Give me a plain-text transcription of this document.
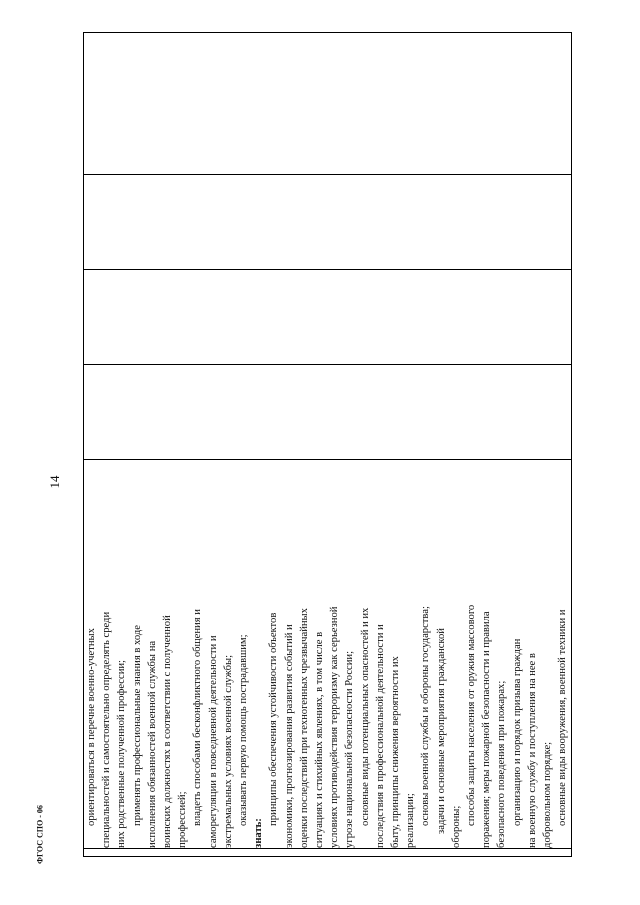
14
ФГОС СПО - 06

ориентироваться в перечне военно-учетных специальностей и самостоятельно определять среди них родственные полученной профессии; применять профессиональные знания в ходе исполнения обязанностей военной службы на воинских должностях в соответствии с полученной профессией; владеть способами бесконфликтного общения и саморегуляции в повседневной деятельности и экстремальных условиях военной службы; оказывать первую помощь пострадавшим;
знать:
принципы обеспечения устойчивости объектов экономики, прогнозирования развития событий и оценки последствий при техногенных чрезвычайных ситуациях и стихийных явлениях, в том числе в условиях противодействия терроризму как серьезной угрозе национальной безопасности России; основные виды потенциальных опасностей и их последствия в профессиональной деятельности и быту, принципы снижения вероятности их реализации; основы военной службы и обороны государства; задачи и основные мероприятия гражданской обороны;
способы защиты населения от оружия массового поражения; меры пожарной безопасности и правила безопасного поведения при пожарах; организацию и порядок призыва граждан на военную службу и поступления на нее в добровольном порядке; основные виды вооружения, военной техники и
